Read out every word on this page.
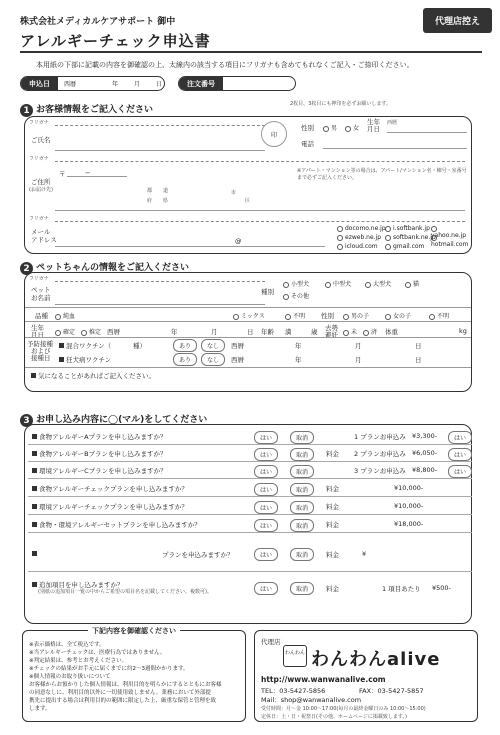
代理店控え
株式会社メディカルケアサポート 御中
アレルギーチェック申込書
本用紙の下部に記載の内容を御確認の上、太線内の該当する項目にフリガナも含めてもれなくご記入・ご捺印ください。
申込日	西暦	年	月	日	注文番号
1 お客様情報をご記入ください
2枚目、3枚目にも押印を必ずお願いします。
フリガナ
ご氏名
印
性別	男	女
生年月日
西暦
電話
フリガナ
ご住所
(お届け先)
〒	−	※アパート・マンション等の場合は、アパート/マンション名・棟号・室番号まで必ずご記入ください。
都 道
府 県
市
区
フリガナ
メール
アドレス	@
docomo.ne.jp	i.softbank.jp
yahoo.ne.jp
ezweb.ne.jp	softbank.ne.jp
hotmail.com
icloud.com	gmail.com
2 ペットちゃんの情報をご記入ください
フリガナ
ペット
お名前
種別
小型犬	中型犬	大型犬	猫
その他
品種	純血	ミックス	不明 性別	男の子	女の子	不明
生年
月日	確定	推定 西暦	年	月	日 年齢 満	歳 去勢
避妊	未	済 体重	kg
予防接種
および
接種日
混合ワクチン（	種）	あり	なし	西暦	年	月	日
狂犬病ワクチン	あり	なし	西暦	年	月	日
気になることがあればご記入ください。
3 お申し込み内容に◯(マル)をしてください
食物アレルギーAプランを申し込みますか？	はい	取消	1 プランお申込み ¥3,300-	はい
食物アレルギーBプランを申し込みますか？	はい	取消	料金 2 プランお申込み ¥6,050-	はい
環境アレルギーCプランを申し込みますか？	はい	取消	3 プランお申込み ¥8,800-	はい
食物アレルギーチェックプランを申し込みますか？	はい	取消	料金	¥10,000-
環境アレルギーチェックプランを申し込みますか？	はい	取消	料金	¥10,000-
食物・環境アレルギーセットプランを申し込みますか？	はい	取消	料金	¥18,000-
プランを申込みますか？	はい	取消	料金	¥
追加項目を申し込みますか？
(別紙の追加項目一覧の中からご希望の項目名を記載してください。複数可)。	はい	取消	料金	1 項目あたり ¥500-
下記内容を御確認ください
※表示価格は、全て税込です。
※当アレルギーチェックは、医療行為ではありません。
※判定結果は、参考とお考えください。
※チェックの結果がお手元に届くまでに約2〜3週間かかります。
※個人情報のお取り扱いについて
お客様からお預かりした個人情報は、利用目的を明らかにするとともにお客様
の同意なしに、利用目的以外に一切使用致しません。業務において外部提
携先に提出する場合は利用目的の範囲に限定した上、厳重な保管と管理を致
します。
代理店
わんわん わんわんalive
http://www.wanwanalive.com
TEL：03-5427-5856	FAX：03-5427-5857
Mail：shop@wanwanalive.com
受付時間：月〜金 10:00〜17:00(毎月の最終金曜日のみ 10:00〜15:00)
定休日：土・日・祝祭日(その他、ホームページに掲載致します。)
